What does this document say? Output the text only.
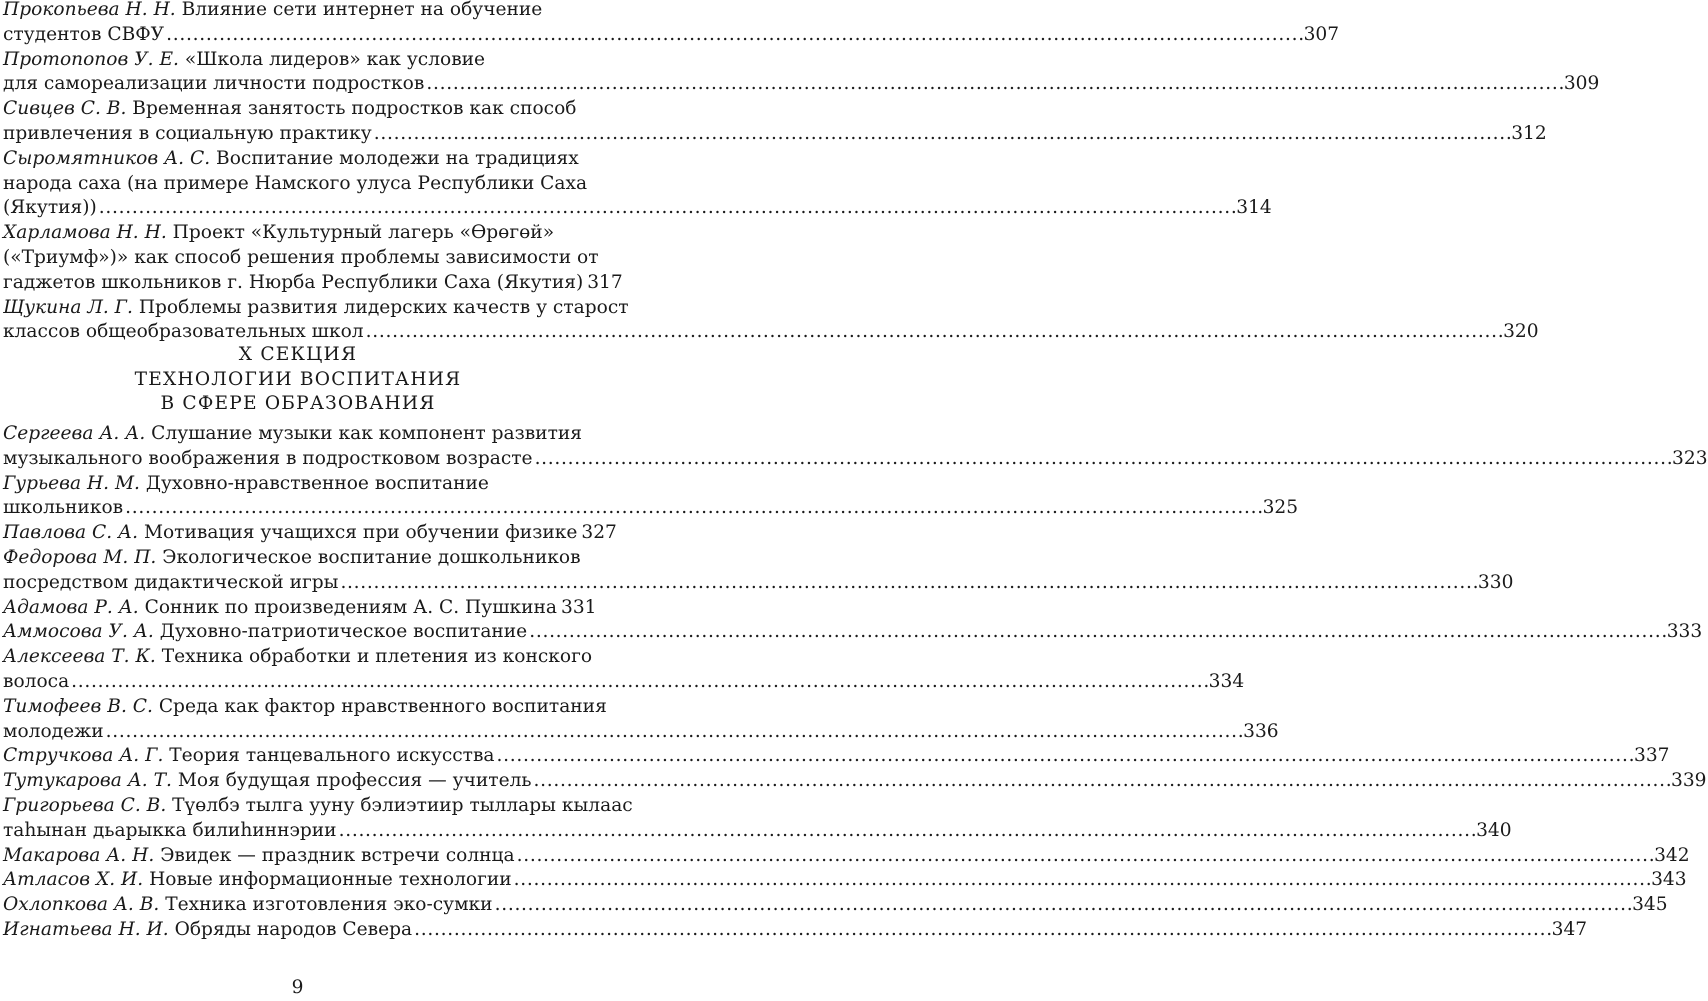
Прокопьева Н. Н. Влияние сети интернет на обучение
студентов СВФУ . . .	307
Протопопов У. Е. «Школа лидеров» как условие
для самореализации личности подростков . . .	309
Сивцев С. В. Временная занятость подростков как способ
привлечения в социальную практику . . .	312
Сыромятников А. С. Воспитание молодежи на традициях
народа саха (на примере Намского улуса Республики Саха
(Якутия)) . . .	314
Харламова Н. Н. Проект «Культурный лагерь «Өрөгөй»
(«Триумф»)» как способ решения проблемы зависимости от
гаджетов школьников г. Нюрба Республики Саха (Якутия) 317
Щукина Л. Г. Проблемы развития лидерских качеств у старост
классов общеобразовательных школ . . .	320
X СЕКЦИЯ
ТЕХНОЛОГИИ ВОСПИТАНИЯ
В СФЕРЕ ОБРАЗОВАНИЯ
Сергеева А. А. Слушание музыки как компонент развития
музыкального воображения в подростковом возрасте . . .	323
Гурьева Н. М. Духовно-нравственное воспитание
школьников . . .	325
Павлова С. А. Мотивация учащихся при обучении физике 327
Федорова М. П. Экологическое воспитание дошкольников
посредством дидактической игры . . .	330
Адамова Р. А. Сонник по произведениям А. С. Пушкина 331
Аммосова У. А. Духовно-патриотическое воспитание . . .	333
Алексеева Т. К. Техника обработки и плетения из конского
волоса . . .	334
Тимофеев В. С. Среда как фактор нравственного воспитания
молодежи . . .	336
Стручкова А. Г. Теория танцевального искусства . . .	337
Тутукарова А. Т. Моя будущая профессия — учитель . . .	339
Григорьева С. В. Түөлбэ тылга ууну бэлиэтиир тыллары кылаас
таһынан дьарыкка билиһиннэрии . . .	340
Макарова А. Н. Эвидек — праздник встречи солнца . . .	342
Атласов Х. И. Новые информационные технологии . . .	343
Охлопкова А. В. Техника изготовления эко-сумки . . .	345
Игнатьева Н. И. Обряды народов Севера . . .	347
9
